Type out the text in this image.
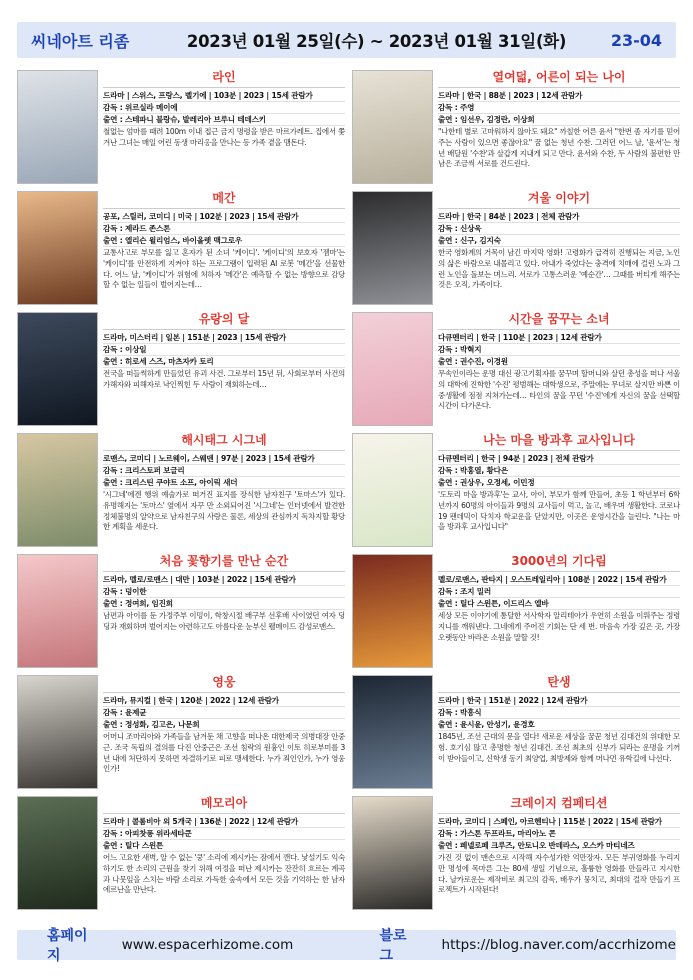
씨네아트 리좀	2023년 01월 25일(수) ~ 2023년 01월 31일(화)	23-04
라인
드라마 | 스위스, 프랑스, 벨기에 | 103분 | 2023 | 15세 관람가
감독 : 위르실라 메이에
출연 : 스테파니 블랑슈, 발레리아 브루니 테데스키
철없는 엄마를 때려 100m 이내 접근 금지 명령을 받은 마르가레트. 집에서 쫓겨난 그녀는 매일 어린 동생 마리옹을 만나는 등 가족 곁을 맴돈다.
열여덟, 어른이 되는 나이
드라마 | 한국 | 88분 | 2023 | 12세 관람가
감독 : 주영
출연 : 임선우, 김정란, 이상희
"나한테 별로 고마워하지 않아도 돼요" 까칠한 어른 윤서 "한번 좀 자기를 믿어주는 사람이 있으면 좋잖아요" 꿈 없는 청년 수찬. 그러던 어느 날, '윤서'는 청년 배달원 '수찬'과 살갑게 지내게 되고 만다. 윤서와 수찬, 두 사람의 불편한 만남은 조금씩 서로를 건드린다.
메간
공포, 스릴러, 코미디 | 미국 | 102분 | 2023 | 15세 관람가
감독 : 제라드 존스톤
출연 : 엘리슨 윌리엄스, 바이올렛 맥그로우
교통사고로 부모를 잃고 혼자가 된 소녀 '케이디'. '케이디'의 보호자 '젬마'는 '케이디'를 안전하게 지켜야 하는 프로그램이 입력된 AI 로봇 '메간'을 선물한다. 어느 날, '케이디'가 위험에 처하자 '메간'은 예측할 수 없는 방향으로 감당할 수 없는 일들이 벌어지는데…
겨울 이야기
드라마 | 한국 | 84분 | 2023 | 전체 관람가
감독 : 신상욱
출연 : 신구, 김지숙
한국 영화계의 거목이 남긴 마지막 영화! 고령화가 급격히 진행되는 지금, 노인의 삶은 바람으로 내몰리고 있다. 아내가 죽었다는 충격에 치매에 걸린 노과 그런 노인을 돌보는 며느리. 서로가 고통스러운 '예순간'… 그때를 버티게 해주는 것은 오직, 가족이다.
유랑의 달
드라마, 미스터리 | 일본 | 151분 | 2023 | 15세 관람가
감독 : 이상일
출연 : 히로세 스즈, 마츠자카 토리
전국을 떠들썩하게 만들었던 유괴 사건. 그로부터 15년 뒤, 사회로부터 사건의 가해자와 피해자로 낙인찍힌 두 사람이 재회하는데…
시간을 꿈꾸는 소녀
다큐멘터리 | 한국 | 110분 | 2023 | 12세 관람가
감독 : 박혁지
출연 : 권수진, 이경원
무속인이라는 운명 대신 광고기획자를 꿈꾸며 할머니와 살던 총성을 떠나 서울의 대학에 진학한 '수진' 평범해는 대학생으로, 주말에는 무녀로 살지만 바쁜 이중생활에 점점 지쳐가는데… 타인의 꿈을 꾸던 '수진'에게 자신의 꿈을 선택할 시간이 다가온다.
해시태그 시그네
로맨스, 코미디 | 노르웨이, 스웨덴 | 97분 | 2023 | 15세 관람가
감독 : 크리스토퍼 보글리
출연 : 크리스틴 쿠야트 소프, 아이릭 새더
'시그네'에겐 행위 예술가로 떠거진 표지를 장식한 남자친구 '토마스'가 있다. 유명해지는 '토마스' 옆에서 자꾸 만 소외되어진 '시그네'는 인터넷에서 발견한 정체불명의 알약으로 남자친구의 사랑은 물론, 세상의 관심까지 독차지할 황당한 계획을 세운다.
나는 마을 방과후 교사입니다
다큐멘터리 | 한국 | 94분 | 2023 | 전체 관람가
감독 : 박홍열, 황다은
출연 : 권상우, 오정세, 이민정
'도토리 마을 방과후'는 교사, 아이, 부모가 함께 만들어, 초등 1 학년부터 6학년까지 60명의 아이들과 9명의 교사들이 먹고, 놀고, 배우며 생활한다. 코로나19 팬데믹이 닥치자 학교운을 닫았지만, 이곳은 운영시간을 늘린다. "나는 마을 방과후 교사입니다"
처음 꽃향기를 만난 순간
드라마, 멜로/로맨스 | 대만 | 103분 | 2022 | 15세 관람가
감독 : 덩이한
출연 : 정여희, 임진희
남편과 아이를 둔 가정주부 이밍이, 학창시절 배구부 선후배 사이였던 여자 딩딩과 재회하며 벌어지는 아련하고도 아름다운 눈부신 웰메이드 감성로맨스.
3000년의 기다림
멜로/로맨스, 판타지 | 오스트레일리아 | 108분 | 2022 | 15세 관람가
감독 : 조지 밀러
출연 : 틸다 스윈튼, 이드리스 엘바
세상 모든 이야기에 통달한 서사학자 알리테아가 우연히 소원을 이뤄주는 정령 지니를 깨워낸다. 그네에게 주어진 기회는 단 세 번. 마음속 가장 깊은 곳, 가장 오랫동안 바라온 소원을 말할 것!
영웅
드라마, 뮤지컬 | 한국 | 120분 | 2022 | 12세 관람가
감독 : 윤제균
출연 : 정성화, 김고은, 나문희
어머니 조마리아와 가족들을 남겨둔 채 고향을 떠나온 대한제국 의병대장 안중근. 조국 독립의 결의를 다진 안중근은 조선 침략의 원흉인 이토 히로부미를 3년 내에 처단하지 못하면 자결하기로 피로 맹세한다. 누가 죄인인가, 누가 영웅인가!
탄생
드라마 | 한국 | 151분 | 2022 | 12세 관람가
감독 : 박흥식
출연 : 윤시윤, 안성기, 윤경호
1845년, 조선 근대의 문을 열다! 새로운 세상을 꿈꾼 청년 김대건의 위대한 모험. 호기심 많고 총명한 청년 김대건. 조선 최초의 신부가 되라는 운명을 기꺼이 받아들이고, 신학생 동기 최양업, 최방제와 함께 머나먼 유학길에 나선다.
메모리아
드라마 | 콜롬비아 외 5개국 | 136분 | 2022 | 12세 관람가
감독 : 아피찻퐁 위라세타쿤
출연 : 틸다 스윈튼
어느 고요한 새벽, 알 수 없는 '쿵' 소리에 제시카는 잠에서 깬다. 낯설기도 익숙하기도 한 소리의 근원을 찾기 위해 여정을 떠난 제시카는 잔잔히 흐르는 계곡과 나뭇잎을 스치는 바람 소리로 가득한 숲속에서 모든 것을 기억하는 한 남자 에르난을 만난다.
크레이지 컴페티션
드라마, 코미디 | 스페인, 아르헨티나 | 115분 | 2022 | 15세 관람가
감독 : 가스톤 두프라트, 마리아노 콘
출연 : 페넬로페 크루즈, 안토니오 반데라스, 오스카 마티네즈
가진 것 없이 맨손으로 시작해 자수성가한 억만장자. 모든 부귀영화를 누리지만 명성에 목마른 그는 80세 생일 기념으로, 훌륭한 영화를 만들라고 지시한다. 날카로운는 제작비로 최고의 감독, 배우가 뭉치고, 최대의 걸작 만들기 프로젝트가 시작된다!
홈페이지
www.espacerhizome.com
블로그
https://blog.naver.com/accrhizome
